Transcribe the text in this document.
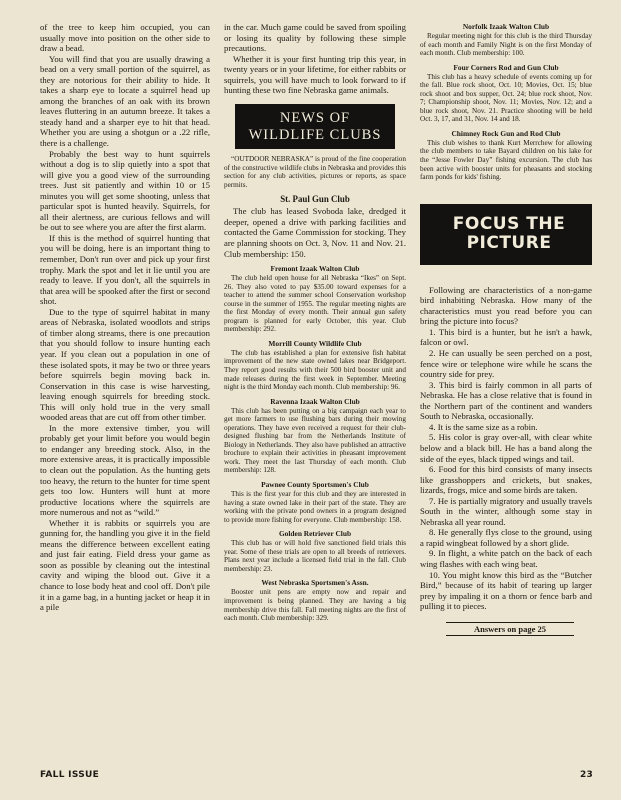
of the tree to keep him occupied, you can usually move into position on the other side to draw a bead.

You will find that you are usually drawing a bead on a very small portion of the squirrel, as they are notorious for their ability to hide. It takes a sharp eye to locate a squirrel head up among the branches of an oak with its brown leaves fluttering in an autumn breeze. It takes a steady hand and a sharper eye to hit that head. Whether you are using a shotgun or a .22 rifle, there is a challenge.

Probably the best way to hunt squirrels without a dog is to slip quietly into a spot that will give you a good view of the surrounding trees. Just sit patiently and within 10 or 15 minutes you will get some shooting, unless that particular spot is hunted heavily. Squirrels, for all their alertness, are curious fellows and will be out to see where you are after the first alarm.

If this is the method of squirrel hunting that you will be doing, here is an important thing to remember, Don't run over and pick up your first trophy. Mark the spot and let it lie until you are ready to leave. If you don't, all the squirrels in that area will be spooked after the first or second shot.

Due to the type of squirrel habitat in many areas of Nebraska, isolated woodlots and strips of timber along streams, there is one precaution that you should follow to insure hunting each year. If you clean out a population in one of these isolated spots, it may be two or three years before squirrels begin moving back in. Conservation in this case is wise harvesting, leaving enough squirrels for breeding stock. This will only hold true in the very small wooded areas that are cut off from other timber.

In the more extensive timber, you will probably get your limit before you would begin to endanger any breeding stock. Also, in the more extensive areas, it is practically impossible to clean out the population. As the hunting gets too heavy, the return to the hunter for time spent gets too low. Hunters will hunt at more productive locations where the squirrels are more numerous and not as “wild.”

Whether it is rabbits or squirrels you are gunning for, the handling you give it in the field means the difference between excellent eating and just fair eating. Field dress your game as soon as possible by cleaning out the intestinal cavity and wiping the blood out. Give it a chance to lose body heat and cool off. Don't pile it in a game bag, in a hunting jacket or heap it in a pile

in the car. Much game could be saved from spoiling or losing its quality by following these simple precautions.

Whether it is your first hunting trip this year, in twenty years or in your lifetime, for either rabbits or squirrels, you will have much to look forward to if hunting these two fine Nebraska game animals.

NEWS OF
WILDLIFE CLUBS

“OUTDOOR NEBRASKA” is proud of the fine cooperation of the constructive wildlife clubs in Nebraska and provides this section for any club activities, pictures or reports, as space permits.

St. Paul Gun Club

The club has leased Svoboda lake, dredged it deeper, opened a drive with parking facilities and contacted the Game Commission for stocking. They are planning shoots on Oct. 3, Nov. 11 and Nov. 21. Club membership: 150.

Fremont Izaak Walton Club

The club held open house for all Nebraska “Ikes” on Sept. 26. They also voted to pay $35.00 toward expenses for a teacher to attend the summer school Conservation workshop course in the summer of 1955. The regular meeting nights are the first Monday of every month. Their annual gun safety program is planned for early October, this year. Club membership: 292.

Morrill County Wildlife Club

The club has established a plan for extensive fish habitat improvement of the new state owned lakes near Bridgeport. They report good results with their 500 bird booster unit and made releases during the first week in September. Meeting night is the third Monday each month. Club membership: 96.

Ravenna Izaak Walton Club

This club has been putting on a big campaign each year to get more farmers to use flushing bars during their mowing operations. They have even received a request for their club-designed flushing bar from the Netherlands Institute of Biology in Netherlands. They also have published an attractive brochure to explain their activities in pheasant improvement work. They meet the last Thursday of each month. Club membership: 128.

Pawnee County Sportsmen's Club

This is the first year for this club and they are interested in having a state owned lake in their part of the state. They are working with the private pond owners in a program designed to provide more fishing for everyone. Club membership: 158.

Golden Retriever Club

This club has or will hold five sanctioned field trials this year. Some of these trials are open to all breeds of retrievers. Plans next year include a licensed field trial in the fall. Club membership: 23.

West Nebraska Sportsmen's Assn.

Booster unit pens are empty now and repair and improvement is being planned. They are having a big membership drive this fall. Fall meeting nights are the first of each month. Club membership: 329.

Norfolk Izaak Walton Club

Regular meeting night for this club is the third Thursday of each month and Family Night is on the first Monday of each month. Club membership: 100.

Four Corners Rod and Gun Club

This club has a heavy schedule of events coming up for the fall. Blue rock shoot, Oct. 10; Movies, Oct. 15; blue rock shoot and box supper, Oct. 24; blue rock shoot, Nov. 7; Championship shoot, Nov. 11; Movies, Nov. 12; and a blue rock shoot, Nov. 21. Practice shooting will be held Oct. 3, 17, and 31, Nov. 14 and 18.

Chimney Rock Gun and Rod Club

This club wishes to thank Kurt Merrchew for allowing the club members to take Bayard children on his lake for the “Jesse Fowler Day” fishing excursion. The club has been active with booster units for pheasants and stocking farm ponds for kids' fishing.

FOCUS THE PICTURE

Following are characteristics of a non-game bird inhabiting Nebraska. How many of the characteristics must you read before you can bring the picture into focus?

1. This bird is a hunter, but he isn't a hawk, falcon or owl.

2. He can usually be seen perched on a post, fence wire or telephone wire while he scans the country side for prey.

3. This bird is fairly common in all parts of Nebraska. He has a close relative that is found in the Northern part of the continent and wanders South to Nebraska, occasionally.

4. It is the same size as a robin.

5. His color is gray over-all, with clear white below and a black bill. He has a band along the side of the eyes, black tipped wings and tail.

6. Food for this bird consists of many insects like grasshoppers and crickets, but snakes, lizards, frogs, mice and some birds are taken.

7. He is partially migratory and usually travels South in the winter, although some stay in Nebraska all year round.

8. He generally flys close to the ground, using a rapid wingbeat followed by a short glide.

9. In flight, a white patch on the back of each wing flashes with each wing beat.

10. You might know this bird as the “Butcher Bird,” because of its habit of tearing up larger prey by impaling it on a thorn or fence barb and pulling it to pieces.

Answers on page 25
FALL ISSUE	23
